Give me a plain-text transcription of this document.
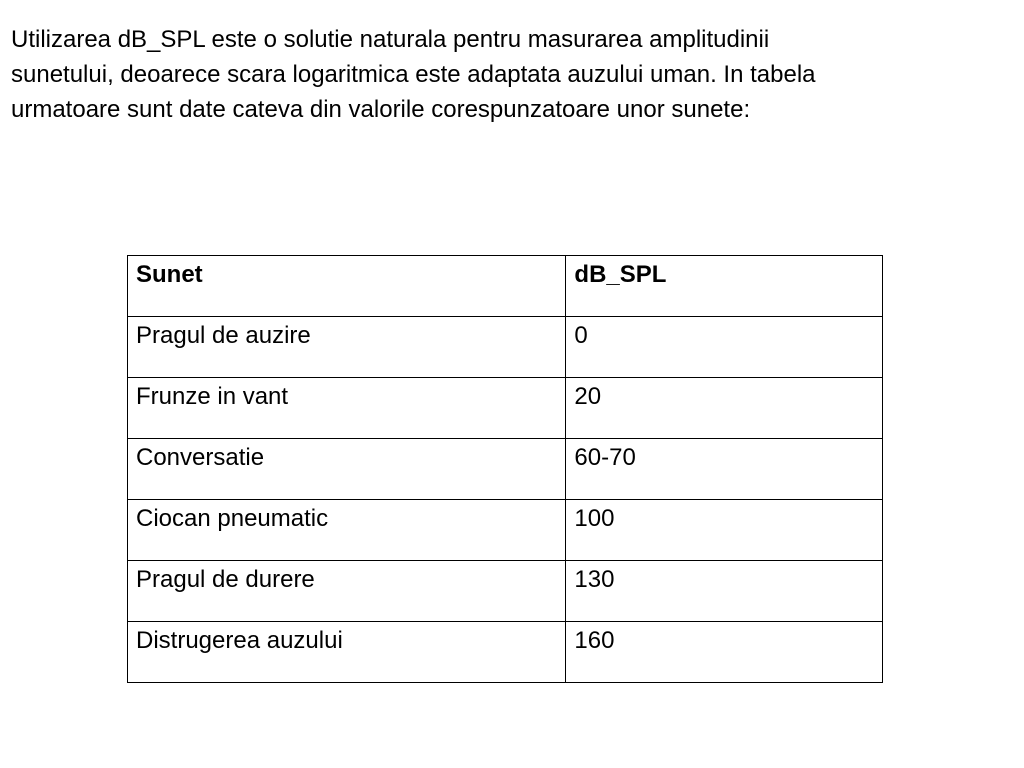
Utilizarea dB_SPL este o solutie naturala pentru masurarea amplitudinii
sunetului, deoarece scara logaritmica este adaptata auzului uman. In tabela
urmatoare sunt date cateva din valorile corespunzatoare unor sunete:

Sunet	dB_SPL
Pragul de auzire	0
Frunze in vant	20
Conversatie	60-70
Ciocan pneumatic	100
Pragul de durere	130
Distrugerea auzului	160
